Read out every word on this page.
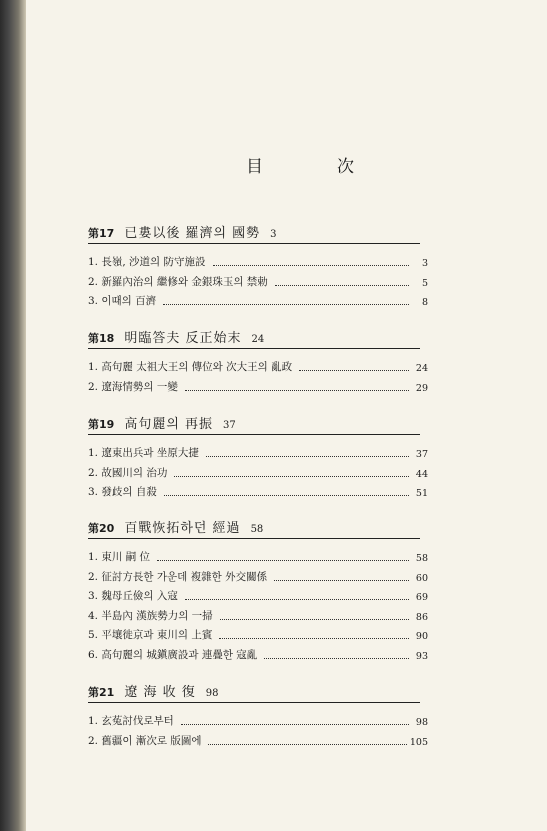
目	次
第17 已婁以後 羅濟의 國勢 3
1. 長嶺, 沙道의 防守施設	3
2. 新羅內治의 繼修와 金銀珠玉의 禁勅	5
3. 이때의 百濟	8
第18 明臨答夫 反正始末 24
1. 高句麗 太祖大王의 傳位와 次大王의 亂政	24
2. 遼海情勢의 一變	29
第19 高句麗의 再振 37
1. 遼東出兵과 坐原大捷	37
2. 故國川의 治功	44
3. 發歧의 自殺	51
第20 百戰恢拓하던 經過 58
1. 東川 嗣 位	58
2. 征討方長한 가운데 複雜한 外交關係	60
3. 魏母丘儉의 入寇	69
4. 半島內 漢族勢力의 一掃	86
5. 平壤徙京과 東川의 上賓	90
6. 高句麗의 城鎭廣設과 連疊한 寇亂	93
第21 遼 海 收 復 98
1. 玄菟討伐로부터	98
2. 舊疆이 漸次로 版圖에	105
